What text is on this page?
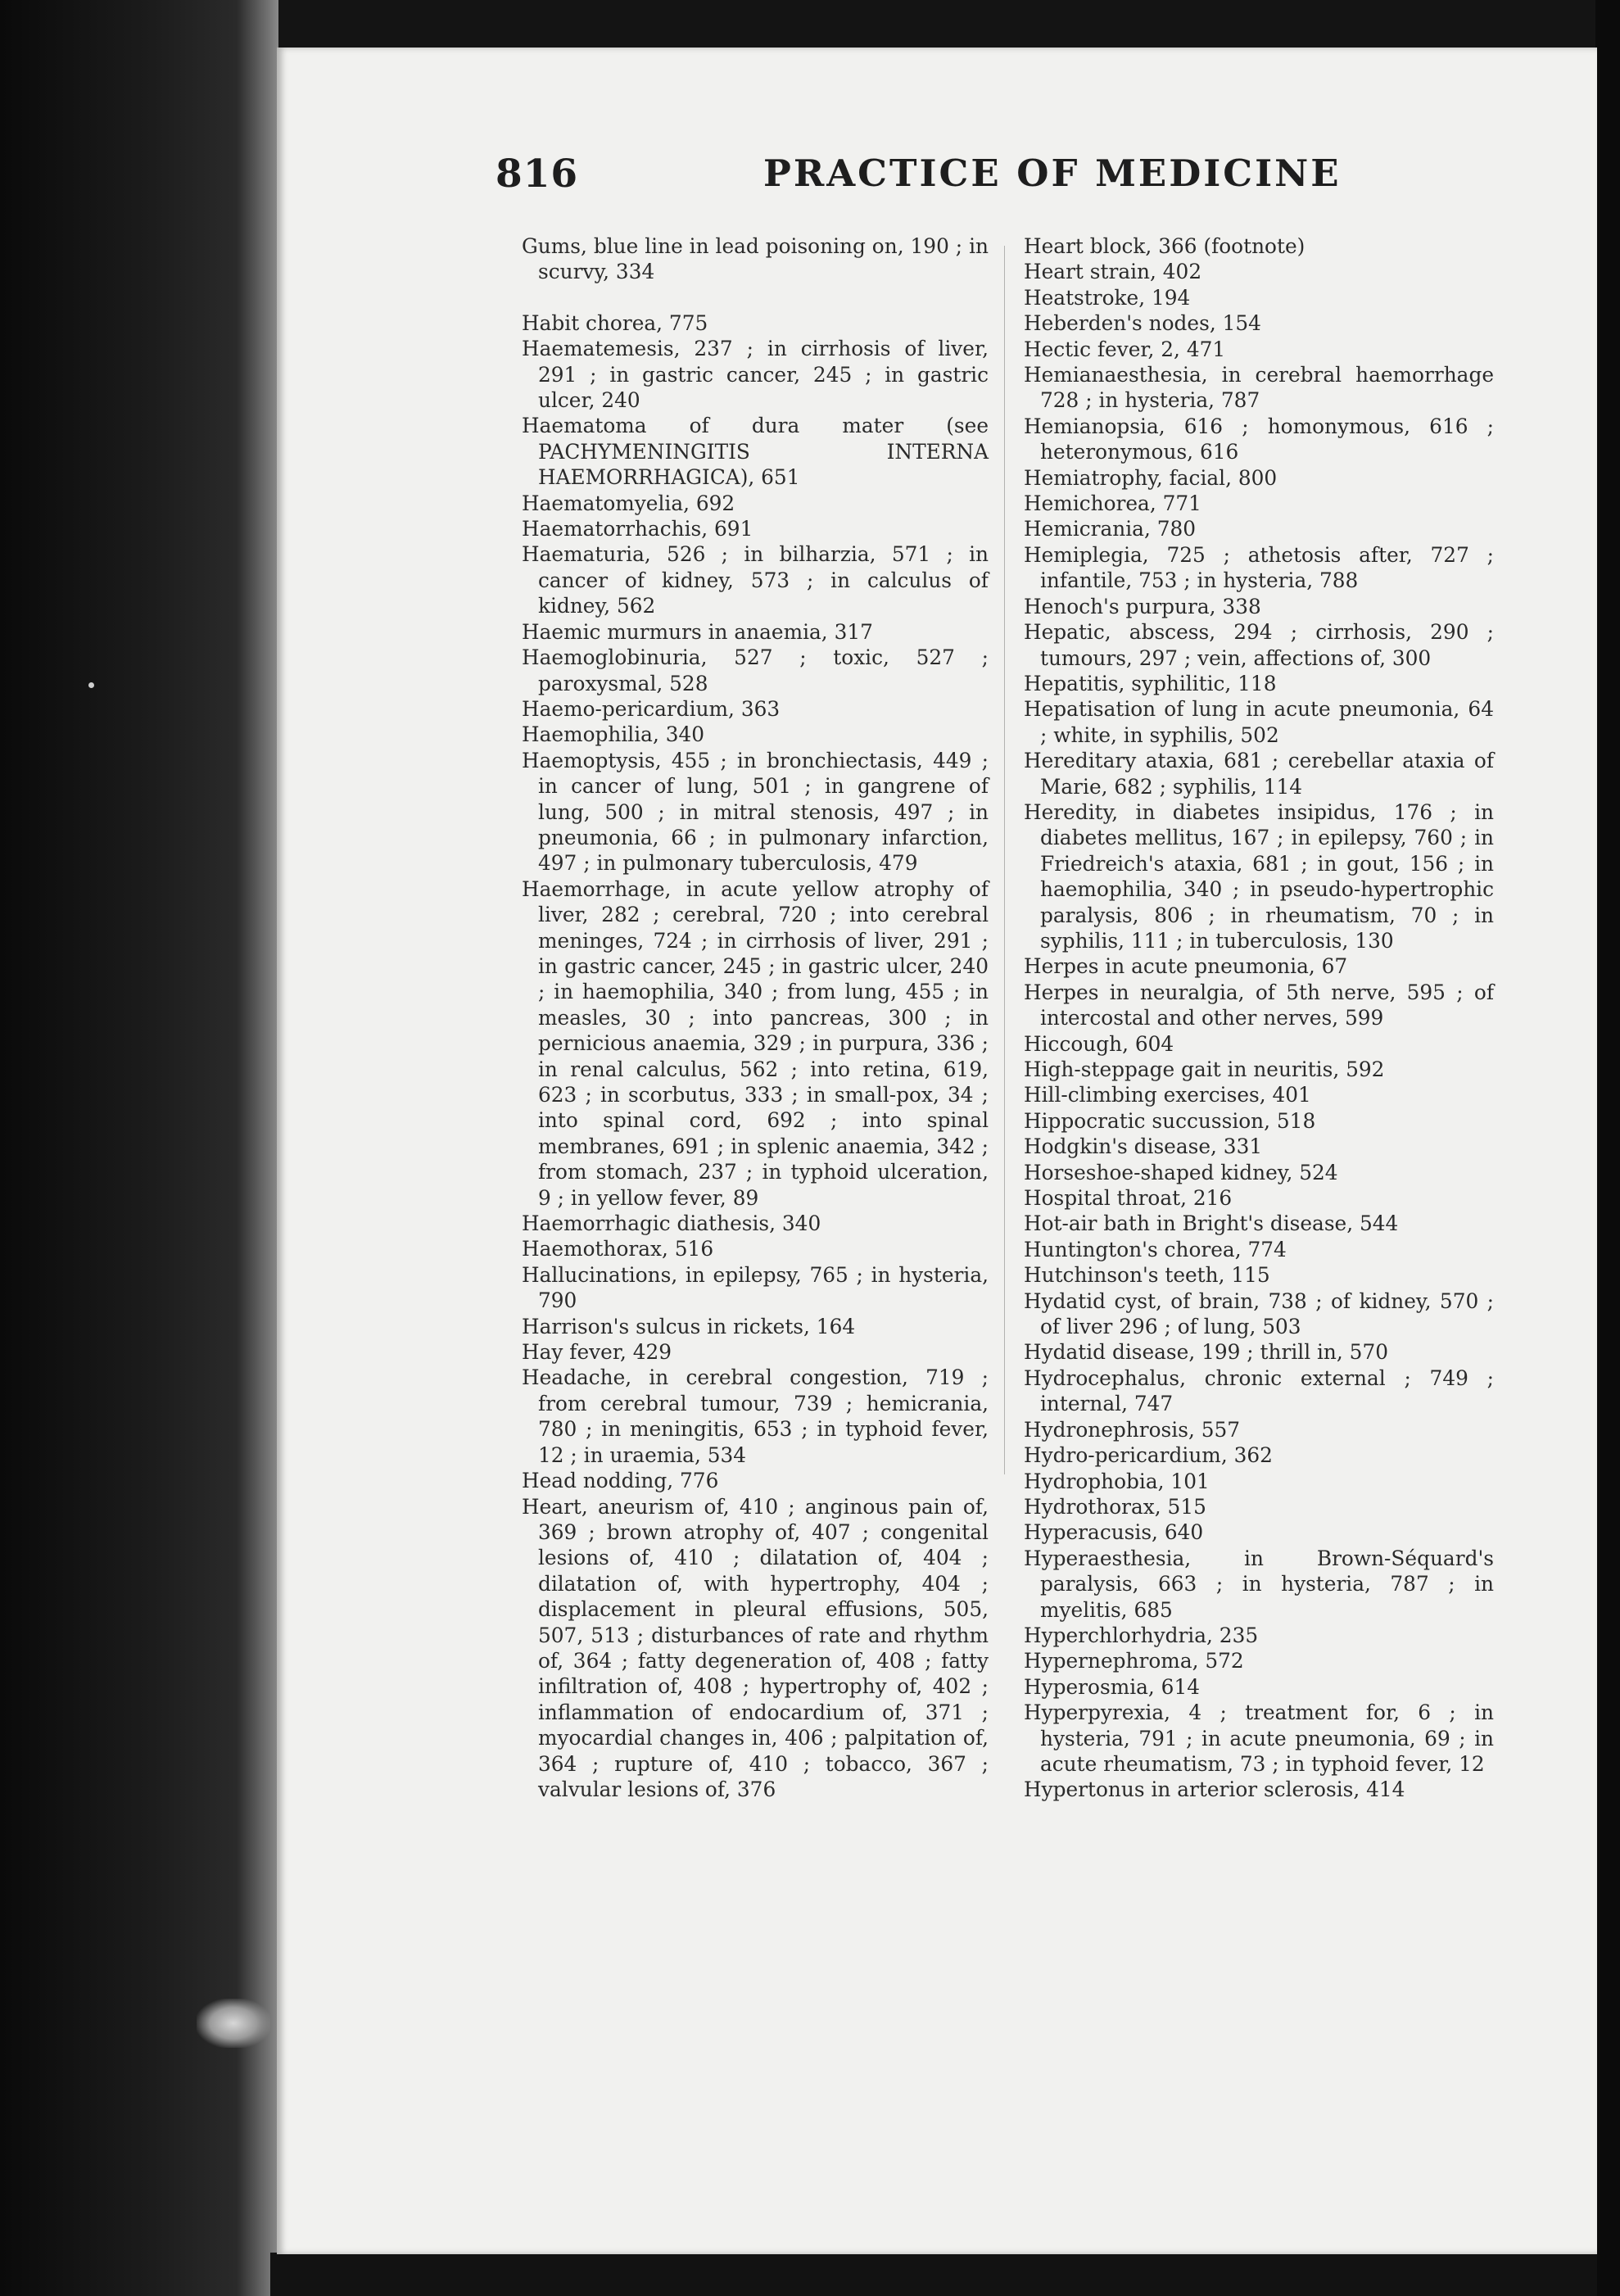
816	PRACTICE OF MEDICINE
Gums, blue line in lead poisoning on, 190 ; in scurvy, 334
Habit chorea, 775
Haematemesis, 237 ; in cirrhosis of liver, 291 ; in gastric cancer, 245 ; in gastric ulcer, 240
Haematoma of dura mater (see PACHYMENINGITIS INTERNA HAEMORRHAGICA), 651
Haematomyelia, 692
Haematorrhachis, 691
Haematuria, 526 ; in bilharzia, 571 ; in cancer of kidney, 573 ; in calculus of kidney, 562
Haemic murmurs in anaemia, 317
Haemoglobinuria, 527 ; toxic, 527 ; paroxysmal, 528
Haemo-pericardium, 363
Haemophilia, 340
Haemoptysis, 455 ; in bronchiectasis, 449 ; in cancer of lung, 501 ; in gangrene of lung, 500 ; in mitral stenosis, 497 ; in pneumonia, 66 ; in pulmonary infarction, 497 ; in pulmonary tuberculosis, 479
Haemorrhage, in acute yellow atrophy of liver, 282 ; cerebral, 720 ; into cerebral meninges, 724 ; in cirrhosis of liver, 291 ; in gastric cancer, 245 ; in gastric ulcer, 240 ; in haemophilia, 340 ; from lung, 455 ; in measles, 30 ; into pancreas, 300 ; in pernicious anaemia, 329 ; in purpura, 336 ; in renal calculus, 562 ; into retina, 619, 623 ; in scorbutus, 333 ; in small-pox, 34 ; into spinal cord, 692 ; into spinal membranes, 691 ; in splenic anaemia, 342 ; from stomach, 237 ; in typhoid ulceration, 9 ; in yellow fever, 89
Haemorrhagic diathesis, 340
Haemothorax, 516
Hallucinations, in epilepsy, 765 ; in hysteria, 790
Harrison's sulcus in rickets, 164
Hay fever, 429
Headache, in cerebral congestion, 719 ; from cerebral tumour, 739 ; hemicrania, 780 ; in meningitis, 653 ; in typhoid fever, 12 ; in uraemia, 534
Head nodding, 776
Heart, aneurism of, 410 ; anginous pain of, 369 ; brown atrophy of, 407 ; congenital lesions of, 410 ; dilatation of, 404 ; dilatation of, with hypertrophy, 404 ; displacement in pleural effusions, 505, 507, 513 ; disturbances of rate and rhythm of, 364 ; fatty degeneration of, 408 ; fatty infiltration of, 408 ; hypertrophy of, 402 ; inflammation of endocardium of, 371 ; myocardial changes in, 406 ; palpitation of, 364 ; rupture of, 410 ; tobacco, 367 ; valvular lesions of, 376
Heart block, 366 (footnote)
Heart strain, 402
Heatstroke, 194
Heberden's nodes, 154
Hectic fever, 2, 471
Hemianaesthesia, in cerebral haemorrhage 728 ; in hysteria, 787
Hemianopsia, 616 ; homonymous, 616 ; heteronymous, 616
Hemiatrophy, facial, 800
Hemichorea, 771
Hemicrania, 780
Hemiplegia, 725 ; athetosis after, 727 ; infantile, 753 ; in hysteria, 788
Henoch's purpura, 338
Hepatic, abscess, 294 ; cirrhosis, 290 ; tumours, 297 ; vein, affections of, 300
Hepatitis, syphilitic, 118
Hepatisation of lung in acute pneumonia, 64 ; white, in syphilis, 502
Hereditary ataxia, 681 ; cerebellar ataxia of Marie, 682 ; syphilis, 114
Heredity, in diabetes insipidus, 176 ; in diabetes mellitus, 167 ; in epilepsy, 760 ; in Friedreich's ataxia, 681 ; in gout, 156 ; in haemophilia, 340 ; in pseudo-hypertrophic paralysis, 806 ; in rheumatism, 70 ; in syphilis, 111 ; in tuberculosis, 130
Herpes in acute pneumonia, 67
Herpes in neuralgia, of 5th nerve, 595 ; of intercostal and other nerves, 599
Hiccough, 604
High-steppage gait in neuritis, 592
Hill-climbing exercises, 401
Hippocratic succussion, 518
Hodgkin's disease, 331
Horseshoe-shaped kidney, 524
Hospital throat, 216
Hot-air bath in Bright's disease, 544
Huntington's chorea, 774
Hutchinson's teeth, 115
Hydatid cyst, of brain, 738 ; of kidney, 570 ; of liver 296 ; of lung, 503
Hydatid disease, 199 ; thrill in, 570
Hydrocephalus, chronic external ; 749 ; internal, 747
Hydronephrosis, 557
Hydro-pericardium, 362
Hydrophobia, 101
Hydrothorax, 515
Hyperacusis, 640
Hyperaesthesia, in Brown-Séquard's paralysis, 663 ; in hysteria, 787 ; in myelitis, 685
Hyperchlorhydria, 235
Hypernephroma, 572
Hyperosmia, 614
Hyperpyrexia, 4 ; treatment for, 6 ; in hysteria, 791 ; in acute pneumonia, 69 ; in acute rheumatism, 73 ; in typhoid fever, 12
Hypertonus in arterior sclerosis, 414
